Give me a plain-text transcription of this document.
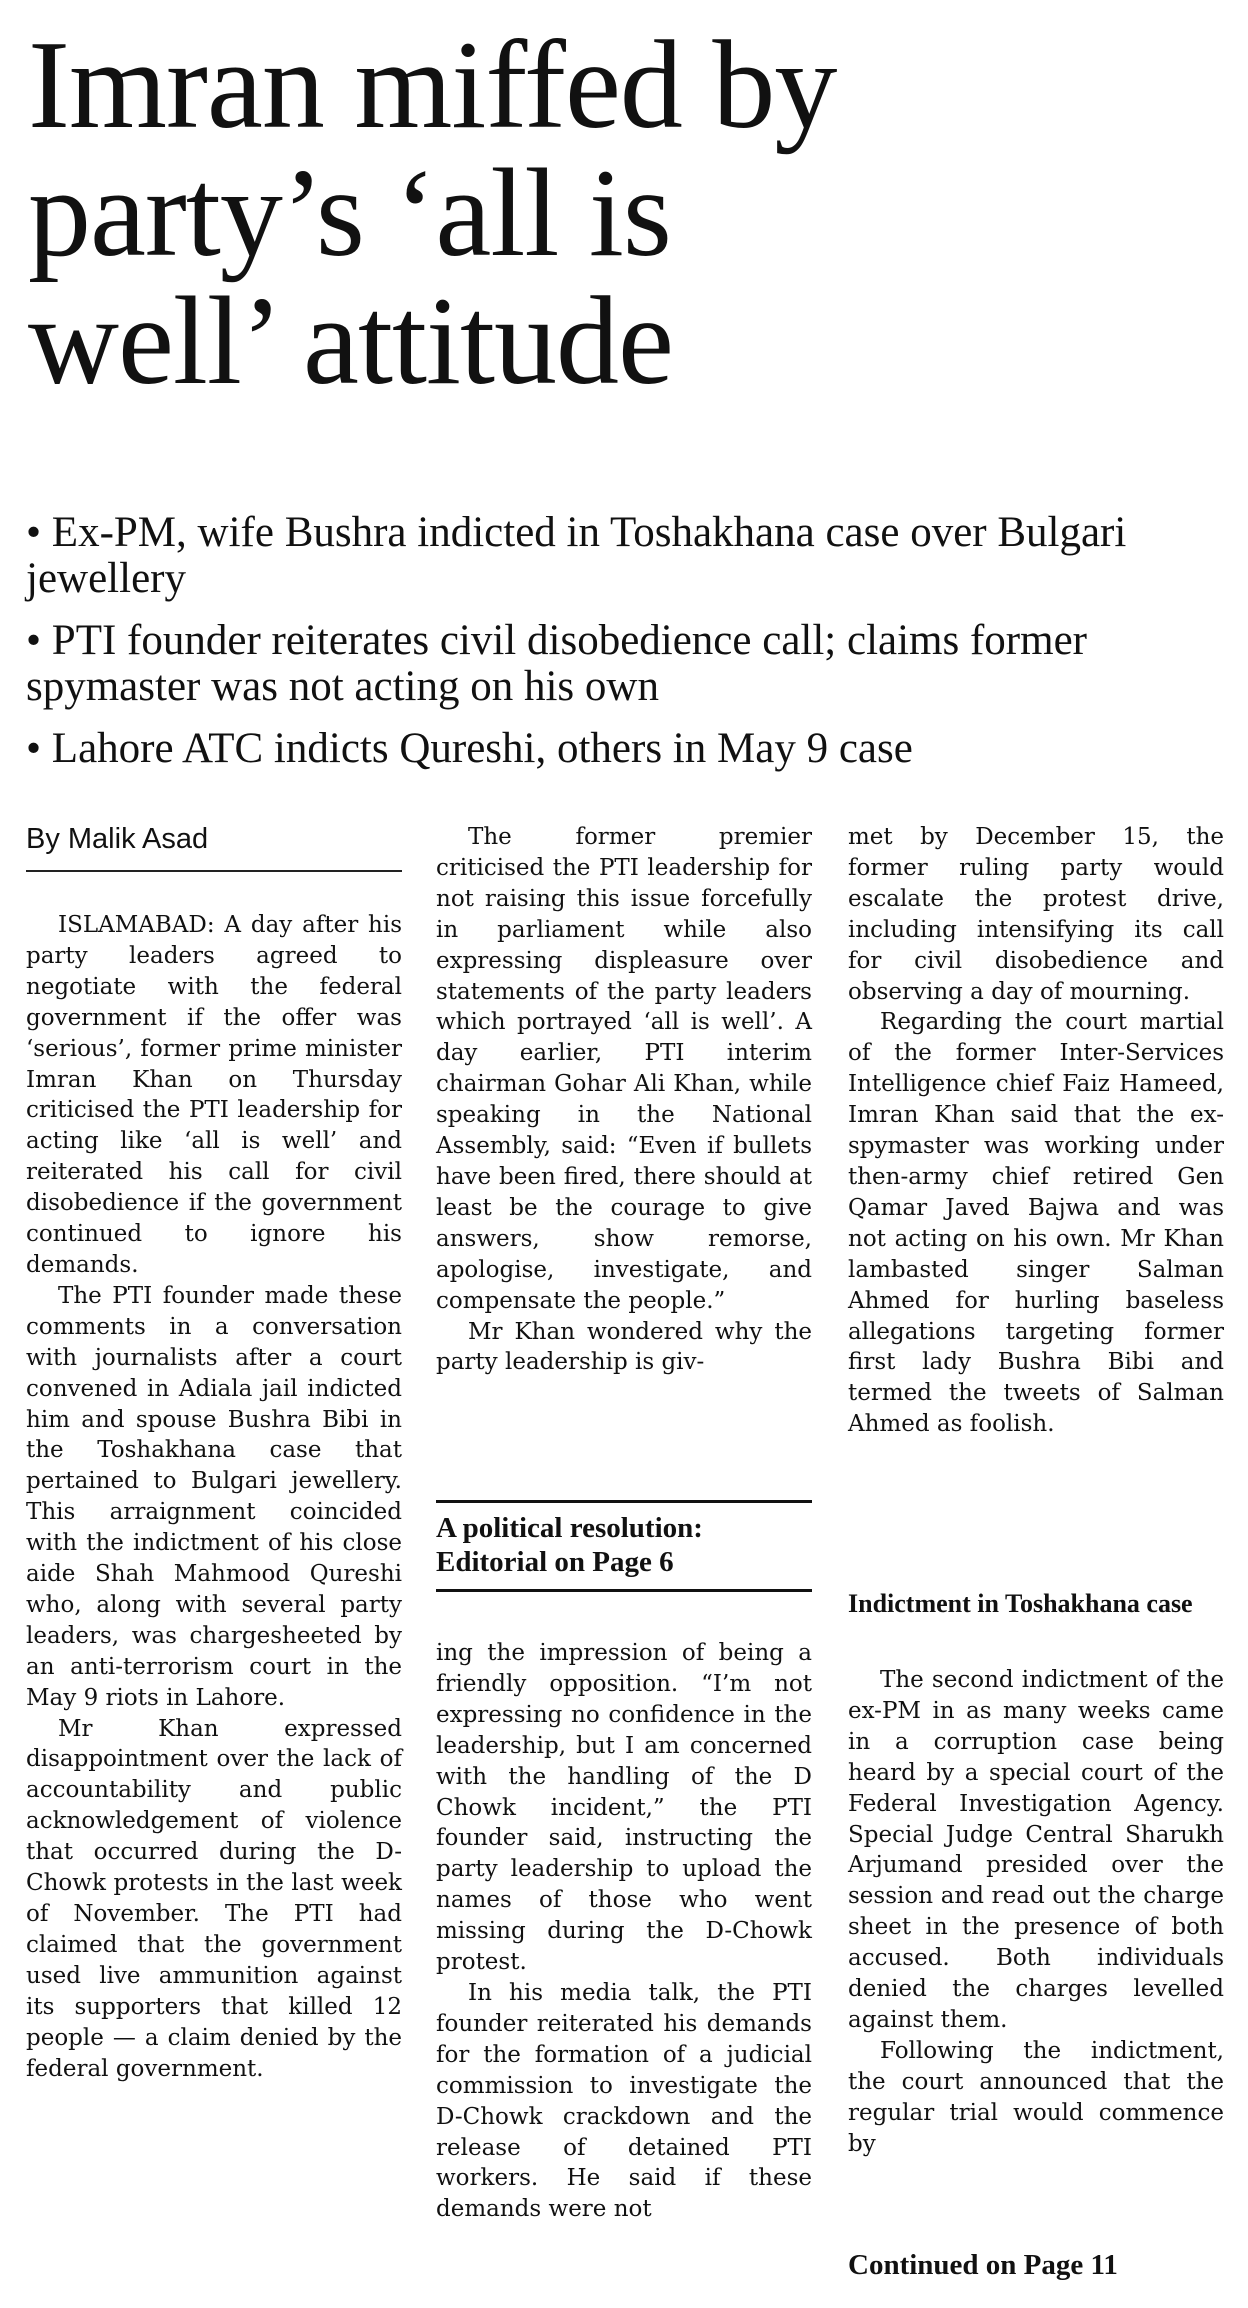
Imran miffed by
party’s ‘all is
well’ attitude
• Ex-PM, wife Bushra indicted in Toshakhana case over Bulgari jewellery
• PTI founder reiterates civil disobedience call; claims former spymaster was not acting on his own
• Lahore ATC indicts Qureshi, others in May 9 case
By Malik Asad

ISLAMABAD: A day after his party leaders agreed to negotiate with the federal government if the offer was ‘serious’, former prime minister Imran Khan on Thursday criticised the PTI leadership for acting like ‘all is well’ and reiterated his call for civil disobedience if the government continued to ignore his demands.

The PTI founder made these comments in a conversation with journalists after a court convened in Adiala jail indicted him and spouse Bushra Bibi in the Toshakhana case that pertained to Bulgari jewellery. This arraignment coincided with the indictment of his close aide Shah Mahmood Qureshi who, along with several party leaders, was chargesheeted by an anti-terrorism court in the May 9 riots in Lahore.

Mr Khan expressed disappointment over the lack of accountability and public acknowledgement of violence that occurred during the D-Chowk protests in the last week of November. The PTI had claimed that the government used live ammunition against its supporters that killed 12 people — a claim denied by the federal government.

The former premier criticised the PTI leadership for not raising this issue forcefully in parliament while also expressing displeasure over statements of the party leaders which portrayed ‘all is well’. A day earlier, PTI interim chairman Gohar Ali Khan, while speaking in the National Assembly, said: “Even if bullets have been fired, there should at least be the courage to give answers, show remorse, apologise, investigate, and compensate the people.”

Mr Khan wondered why the party leadership is giv-

A political resolution: Editorial on Page 6

ing the impression of being a friendly opposition. “I’m not expressing no confidence in the leadership, but I am concerned with the handling of the D Chowk incident,” the PTI founder said, instructing the party leadership to upload the names of those who went missing during the D-Chowk protest.

In his media talk, the PTI founder reiterated his demands for the formation of a judicial commission to investigate the D-Chowk crackdown and the release of detained PTI workers. He said if these demands were not

met by December 15, the former ruling party would escalate the protest drive, including intensifying its call for civil disobedience and observing a day of mourning.

Regarding the court martial of the former Inter-Services Intelligence chief Faiz Hameed, Imran Khan said that the ex-spymaster was working under then-army chief retired Gen Qamar Javed Bajwa and was not acting on his own. Mr Khan lambasted singer Salman Ahmed for hurling baseless allegations targeting former first lady Bushra Bibi and termed the tweets of Salman Ahmed as foolish.

Indictment in Toshakhana case

The second indictment of the ex-PM in as many weeks came in a corruption case being heard by a special court of the Federal Investigation Agency. Special Judge Central Sharukh Arjumand presided over the session and read out the charge sheet in the presence of both accused. Both individuals denied the charges levelled against them.

Following the indictment, the court announced that the regular trial would commence by

Continued on Page 11
